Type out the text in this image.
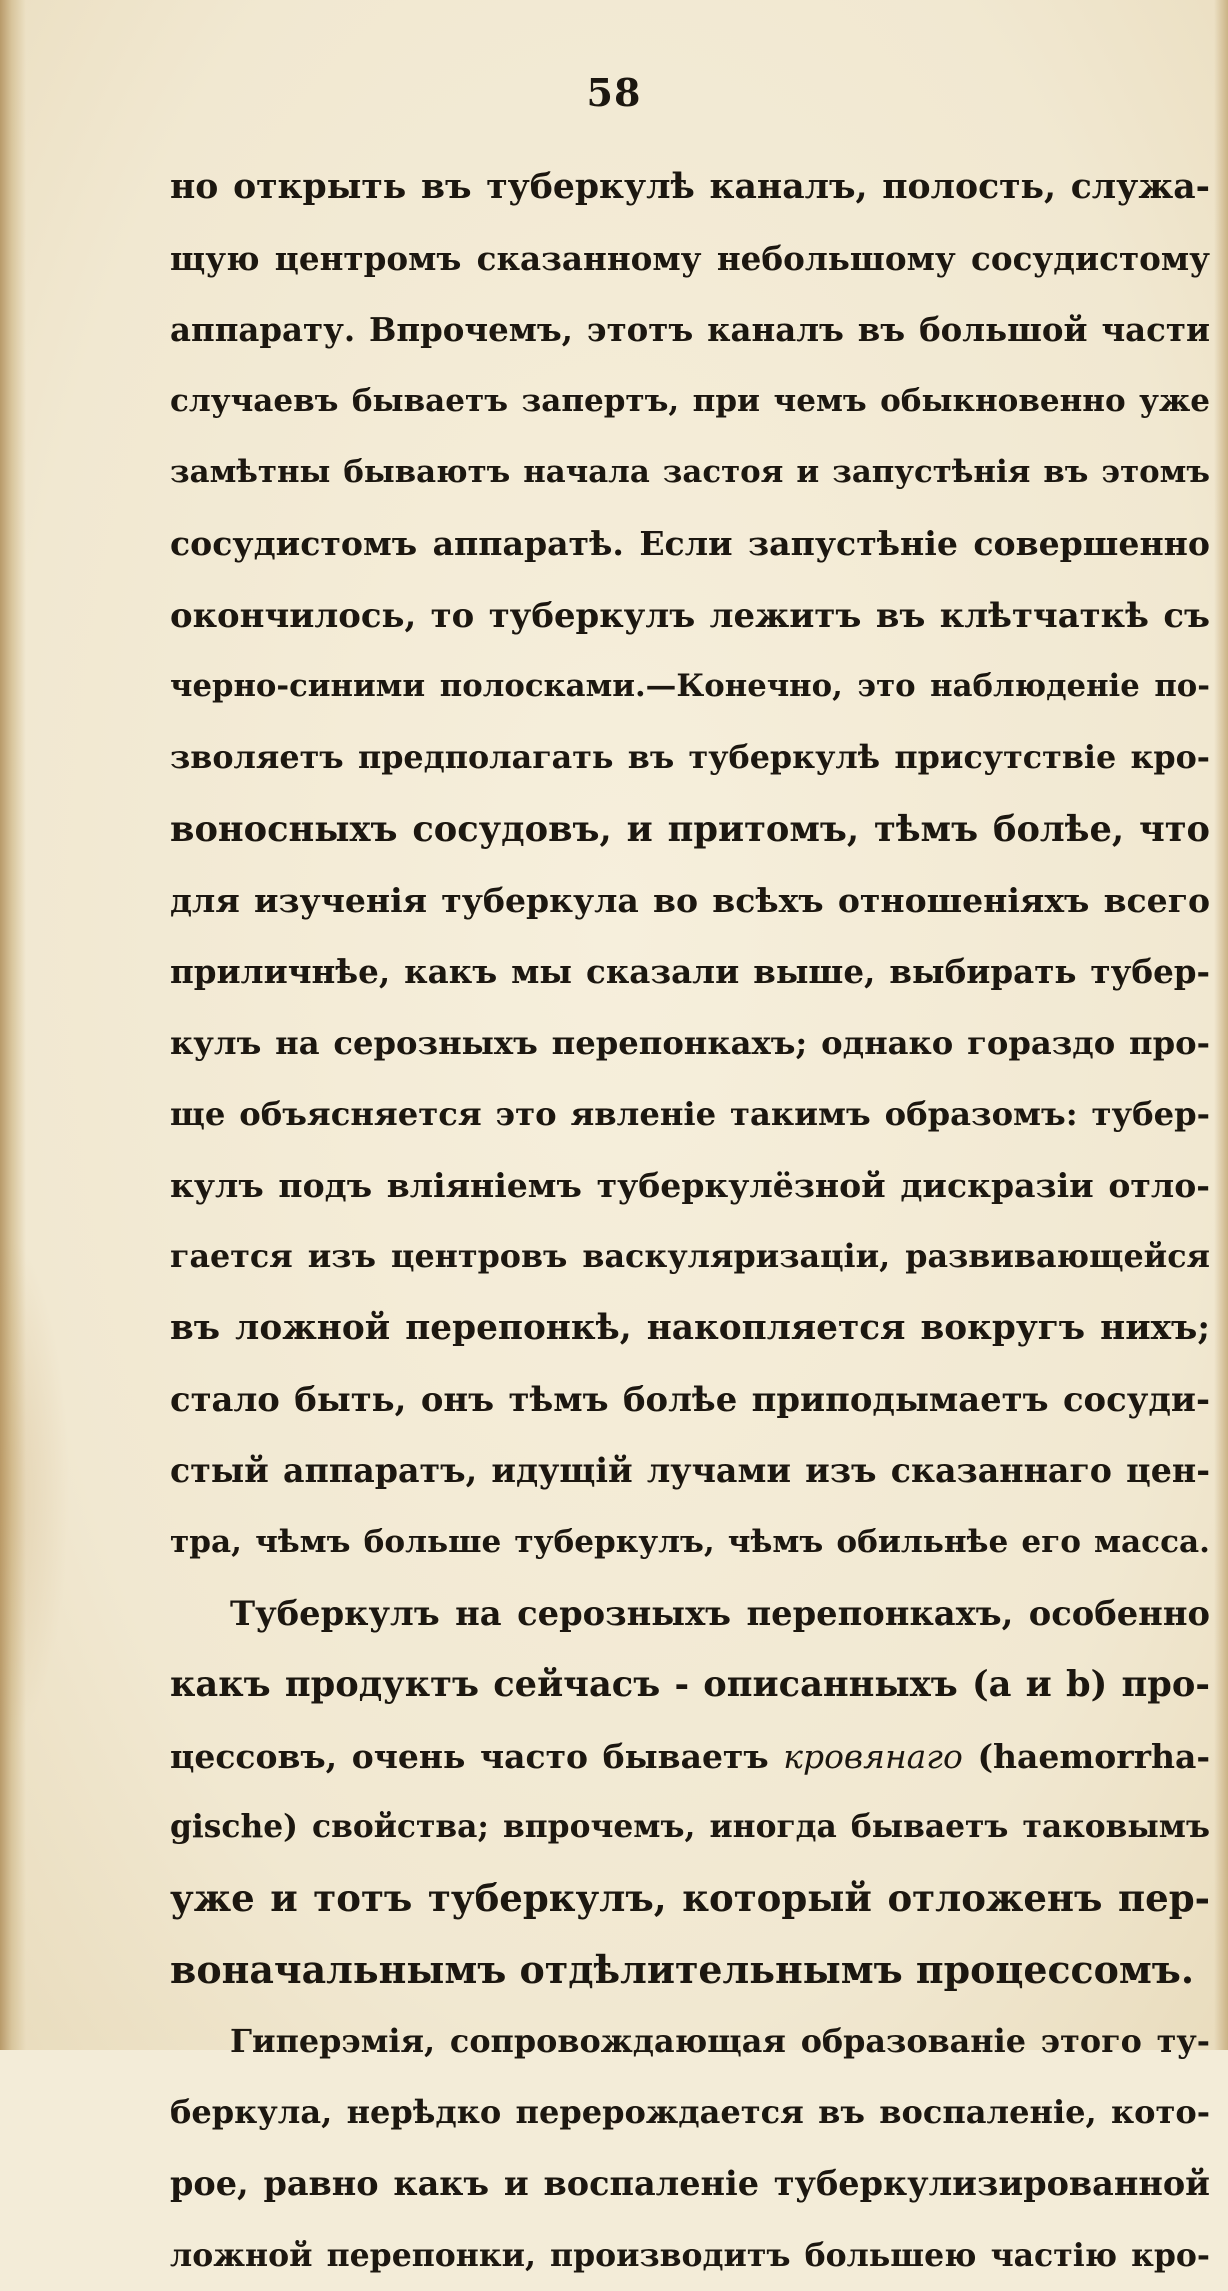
58
но открыть въ туберкулѣ каналъ, полость, служа-
щую центромъ сказанному небольшому сосудистому
аппарату. Впрочемъ, этотъ каналъ въ большой части
случаевъ бываетъ запертъ, при чемъ обыкновенно уже
замѣтны бываютъ начала застоя и запустѣнія въ этомъ
сосудистомъ аппаратѣ. Если запустѣніе совершенно
окончилось, то туберкулъ лежитъ въ клѣтчаткѣ съ
черно-синими полосками.—Конечно, это наблюденіе по-
зволяетъ предполагать въ туберкулѣ присутствіе кро-
воносныхъ сосудовъ, и притомъ, тѣмъ болѣе, что
для изученія туберкула во всѣхъ отношеніяхъ всего
приличнѣе, какъ мы сказали выше, выбирать тубер-
кулъ на серозныхъ перепонкахъ; однако гораздо про-
ще объясняется это явленіе такимъ образомъ: тубер-
кулъ подъ вліяніемъ туберкулёзной дискразіи отло-
гается изъ центровъ васкуляризаціи, развивающейся
въ ложной перепонкѣ, накопляется вокругъ нихъ;
стало быть, онъ тѣмъ болѣе приподымаетъ сосуди-
стый аппаратъ, идущій лучами изъ сказаннаго цен-
тра, чѣмъ больше туберкулъ, чѣмъ обильнѣе его масса.
Туберкулъ на серозныхъ перепонкахъ, особенно
какъ продуктъ сейчасъ - описанныхъ (a и b) про-
цессовъ, очень часто бываетъ кровянаго (haemorrha-
gische) свойства; впрочемъ, иногда бываетъ таковымъ
уже и тотъ туберкулъ, который отложенъ пер-
воначальнымъ отдѣлительнымъ процессомъ.
Гиперэмія, сопровождающая образованіе этого ту-
беркула, нерѣдко перерождается въ воспаленіе, кото-
рое, равно какъ и воспаленіе туберкулизированной
ложной перепонки, производитъ большею частію кро-
